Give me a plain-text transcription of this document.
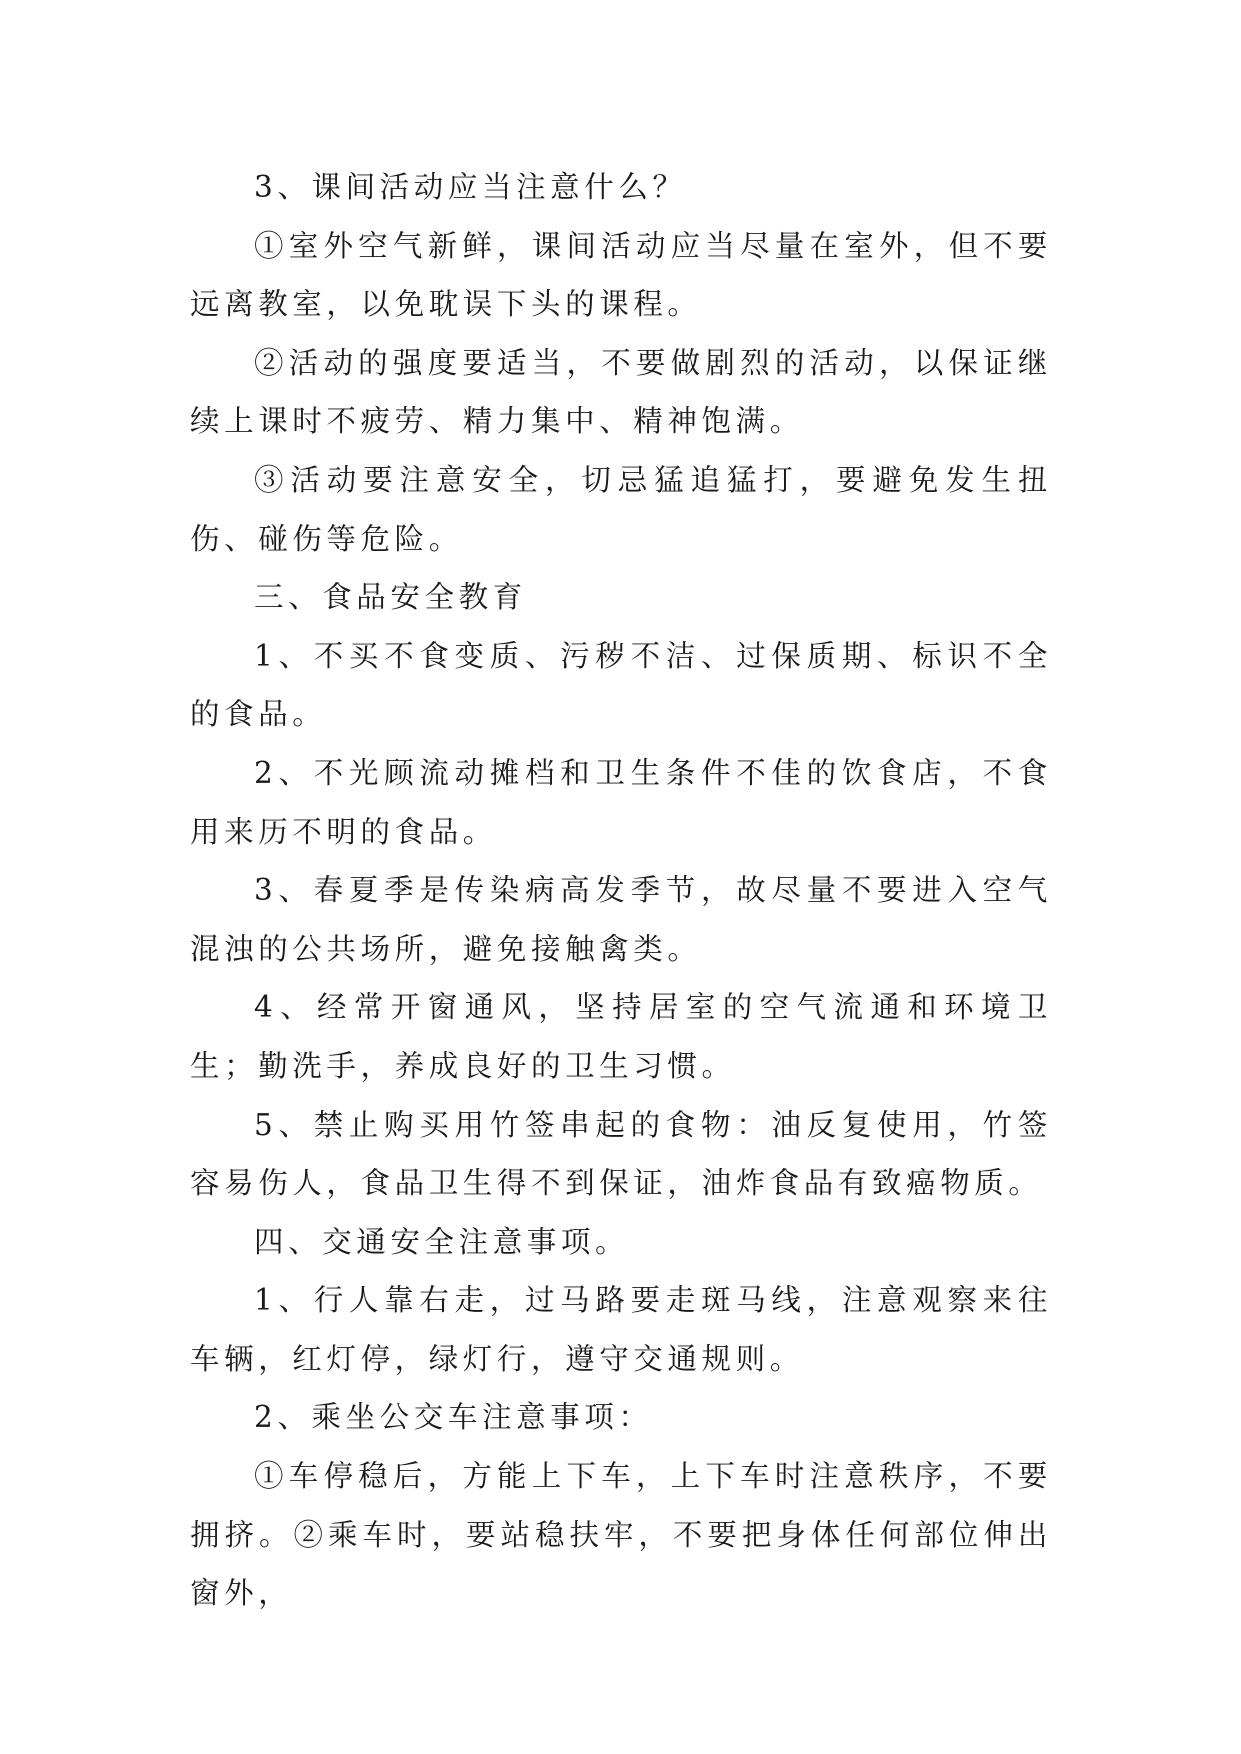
3、课间活动应当注意什么？

①室外空气新鲜，课间活动应当尽量在室外，但不要远离教室，以免耽误下头的课程。

②活动的强度要适当，不要做剧烈的活动，以保证继续上课时不疲劳、精力集中、精神饱满。

③活动要注意安全，切忌猛追猛打，要避免发生扭伤、碰伤等危险。

三、食品安全教育

1、不买不食变质、污秽不洁、过保质期、标识不全的食品。

2、不光顾流动摊档和卫生条件不佳的饮食店，不食用来历不明的食品。

3、春夏季是传染病高发季节，故尽量不要进入空气混浊的公共场所，避免接触禽类。

4、经常开窗通风，坚持居室的空气流通和环境卫生；勤洗手，养成良好的卫生习惯。

5、禁止购买用竹签串起的食物：油反复使用，竹签容易伤人，食品卫生得不到保证，油炸食品有致癌物质。

四、交通安全注意事项。

1、行人靠右走，过马路要走斑马线，注意观察来往车辆，红灯停，绿灯行，遵守交通规则。

2、乘坐公交车注意事项：

①车停稳后，方能上下车，上下车时注意秩序，不要拥挤。②乘车时，要站稳扶牢，不要把身体任何部位伸出窗外，
